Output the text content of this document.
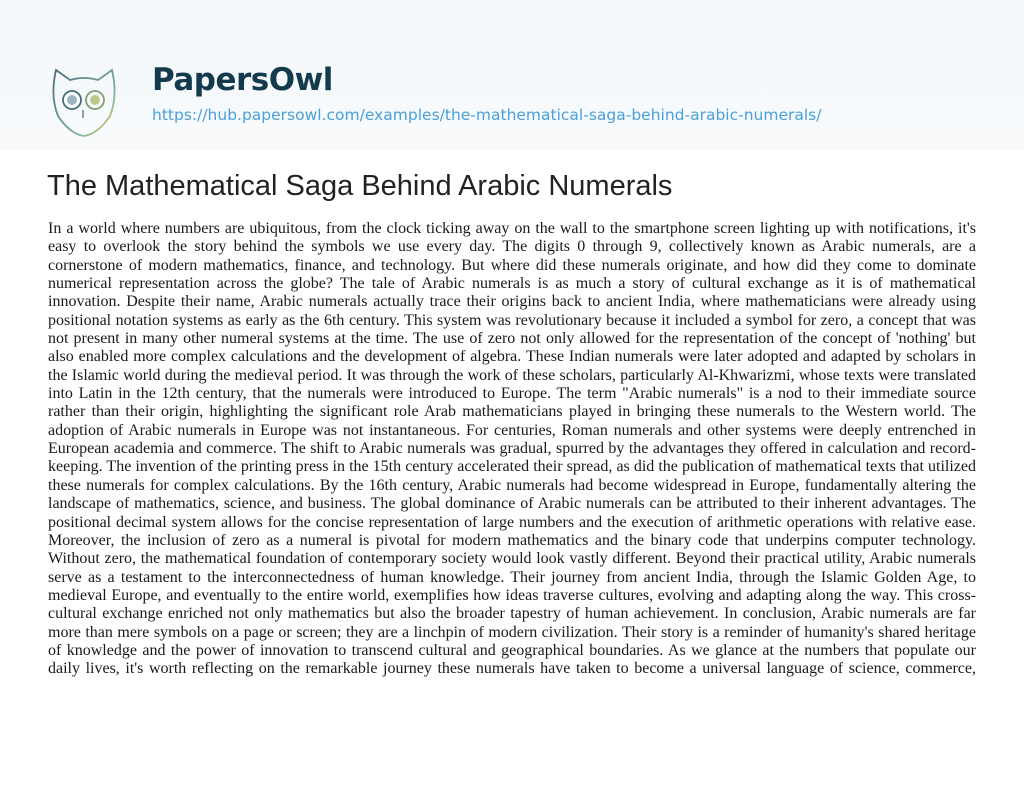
PapersOwl
https://hub.papersowl.com/examples/the-mathematical-saga-behind-arabic-numerals/
The Mathematical Saga Behind Arabic Numerals
In a world where numbers are ubiquitous, from the clock ticking away on the wall to the smartphone screen lighting up with notifications, it's
easy to overlook the story behind the symbols we use every day. The digits 0 through 9, collectively known as Arabic numerals, are a
cornerstone of modern mathematics, finance, and technology. But where did these numerals originate, and how did they come to dominate
numerical representation across the globe? The tale of Arabic numerals is as much a story of cultural exchange as it is of mathematical
innovation. Despite their name, Arabic numerals actually trace their origins back to ancient India, where mathematicians were already using
positional notation systems as early as the 6th century. This system was revolutionary because it included a symbol for zero, a concept that was
not present in many other numeral systems at the time. The use of zero not only allowed for the representation of the concept of 'nothing' but
also enabled more complex calculations and the development of algebra. These Indian numerals were later adopted and adapted by scholars in
the Islamic world during the medieval period. It was through the work of these scholars, particularly Al-Khwarizmi, whose texts were translated
into Latin in the 12th century, that the numerals were introduced to Europe. The term "Arabic numerals" is a nod to their immediate source
rather than their origin, highlighting the significant role Arab mathematicians played in bringing these numerals to the Western world. The
adoption of Arabic numerals in Europe was not instantaneous. For centuries, Roman numerals and other systems were deeply entrenched in
European academia and commerce. The shift to Arabic numerals was gradual, spurred by the advantages they offered in calculation and record-
keeping. The invention of the printing press in the 15th century accelerated their spread, as did the publication of mathematical texts that utilized
these numerals for complex calculations. By the 16th century, Arabic numerals had become widespread in Europe, fundamentally altering the
landscape of mathematics, science, and business. The global dominance of Arabic numerals can be attributed to their inherent advantages. The
positional decimal system allows for the concise representation of large numbers and the execution of arithmetic operations with relative ease.
Moreover, the inclusion of zero as a numeral is pivotal for modern mathematics and the binary code that underpins computer technology.
Without zero, the mathematical foundation of contemporary society would look vastly different. Beyond their practical utility, Arabic numerals
serve as a testament to the interconnectedness of human knowledge. Their journey from ancient India, through the Islamic Golden Age, to
medieval Europe, and eventually to the entire world, exemplifies how ideas traverse cultures, evolving and adapting along the way. This cross-
cultural exchange enriched not only mathematics but also the broader tapestry of human achievement. In conclusion, Arabic numerals are far
more than mere symbols on a page or screen; they are a linchpin of modern civilization. Their story is a reminder of humanity's shared heritage
of knowledge and the power of innovation to transcend cultural and geographical boundaries. As we glance at the numbers that populate our
daily lives, it's worth reflecting on the remarkable journey these numerals have taken to become a universal language of science, commerce,
